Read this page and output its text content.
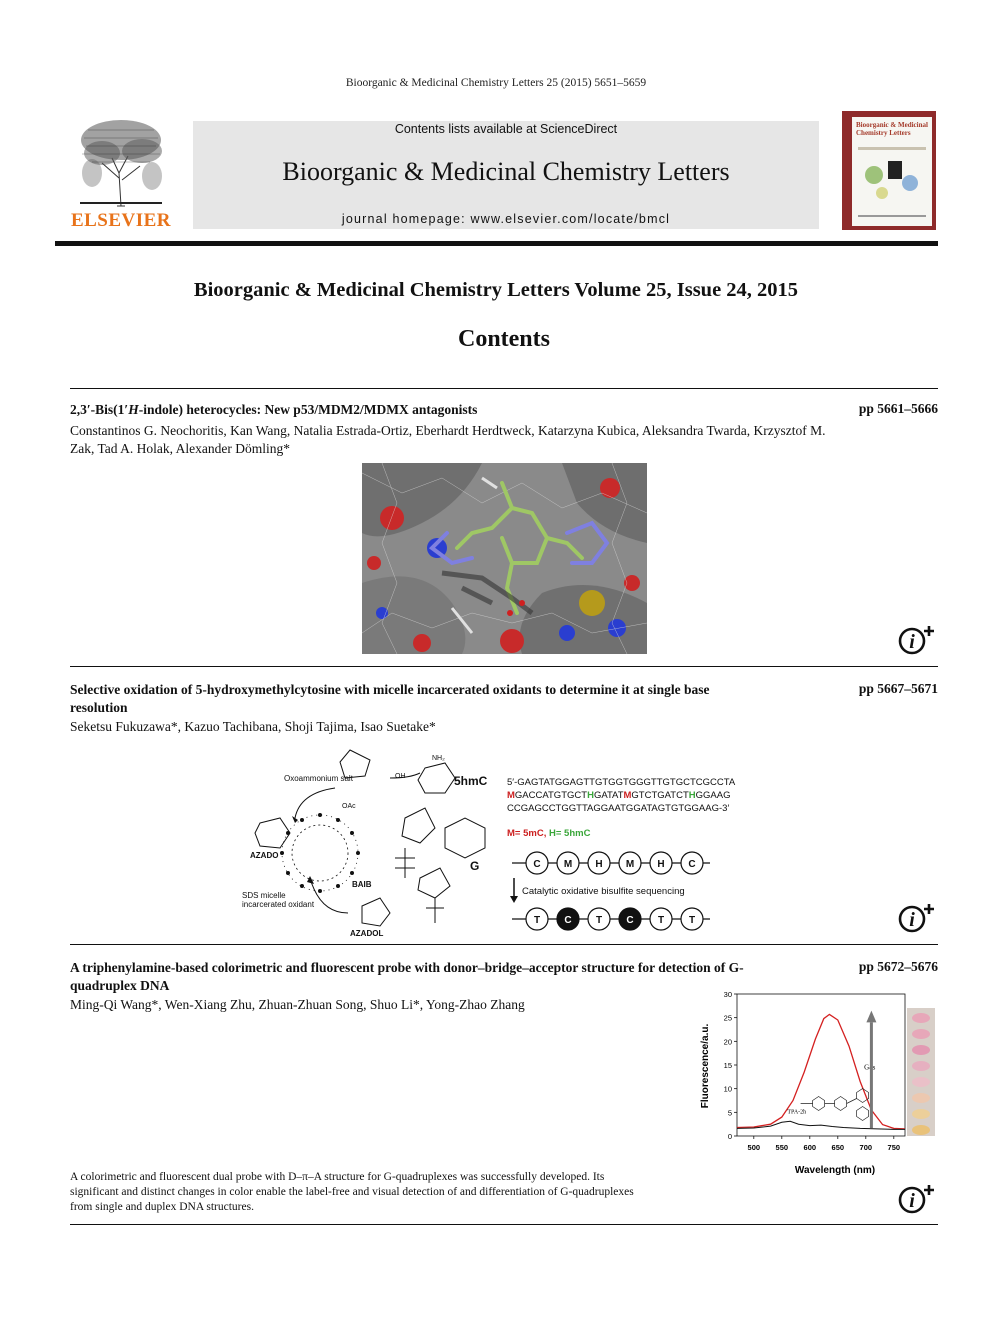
Bioorganic & Medicinal Chemistry Letters 25 (2015) 5651–5659
ELSEVIER
Contents lists available at ScienceDirect
Bioorganic & Medicinal Chemistry Letters
journal homepage: www.elsevier.com/locate/bmcl
Bioorganic & Medicinal Chemistry Letters
Bioorganic & Medicinal Chemistry Letters Volume 25, Issue 24, 2015
Contents
2,3′-Bis(1′H-indole) heterocycles: New p53/MDM2/MDMX antagonists	pp 5661–5666
Constantinos G. Neochoritis, Kan Wang, Natalia Estrada-Ortiz, Eberhardt Herdtweck, Katarzyna Kubica, Aleksandra Twarda, Krzysztof M. Zak, Tad A. Holak, Alexander Dömling*
i
Selective oxidation of 5-hydroxymethylcytosine with micelle incarcerated oxidants to determine it at single base resolution
pp 5667–5671
Seketsu Fukuzawa*, Kazuo Tachibana, Shoji Tajima, Isao Suetake*
Oxoammonium salt
AZADO
BAIB
SDS micelle
incarcerated oxidant
AZADOL
NH₂
OH
OAc
5hmC
G
5′-GAGTATGGAGTTGTGGTGGGTTGTGCTCGCCTA
MGACCATGTGCTHGATATMGTCTGATCTHGGAAG
CCGAGCCTGGTTAGGAATGGATAGTGTGGAAG-3′
M= 5mC, H= 5hmC
Catalytic oxidative bisulfite sequencing
C M H M H C
T C T C T T	i
A triphenylamine-based colorimetric and fluorescent probe with donor–bridge–acceptor structure for detection of G-quadruplex DNA
pp 5672–5676
Ming-Qi Wang*, Wen-Xiang Zhu, Zhuan-Zhuan Song, Shuo Li*, Yong-Zhao Zhang
0
5
10
15
20
25
30
500 550 600 650 700 750
Wavelength (nm)
Fluorescence/a.u.	G4s
TPA-2h
A colorimetric and fluorescent dual probe with D–π–A structure for G-quadruplexes was successfully developed. Its significant and distinct changes in color enable the label-free and visual detection of and differentiation of G-quadruplexes from single and duplex DNA structures.	i
